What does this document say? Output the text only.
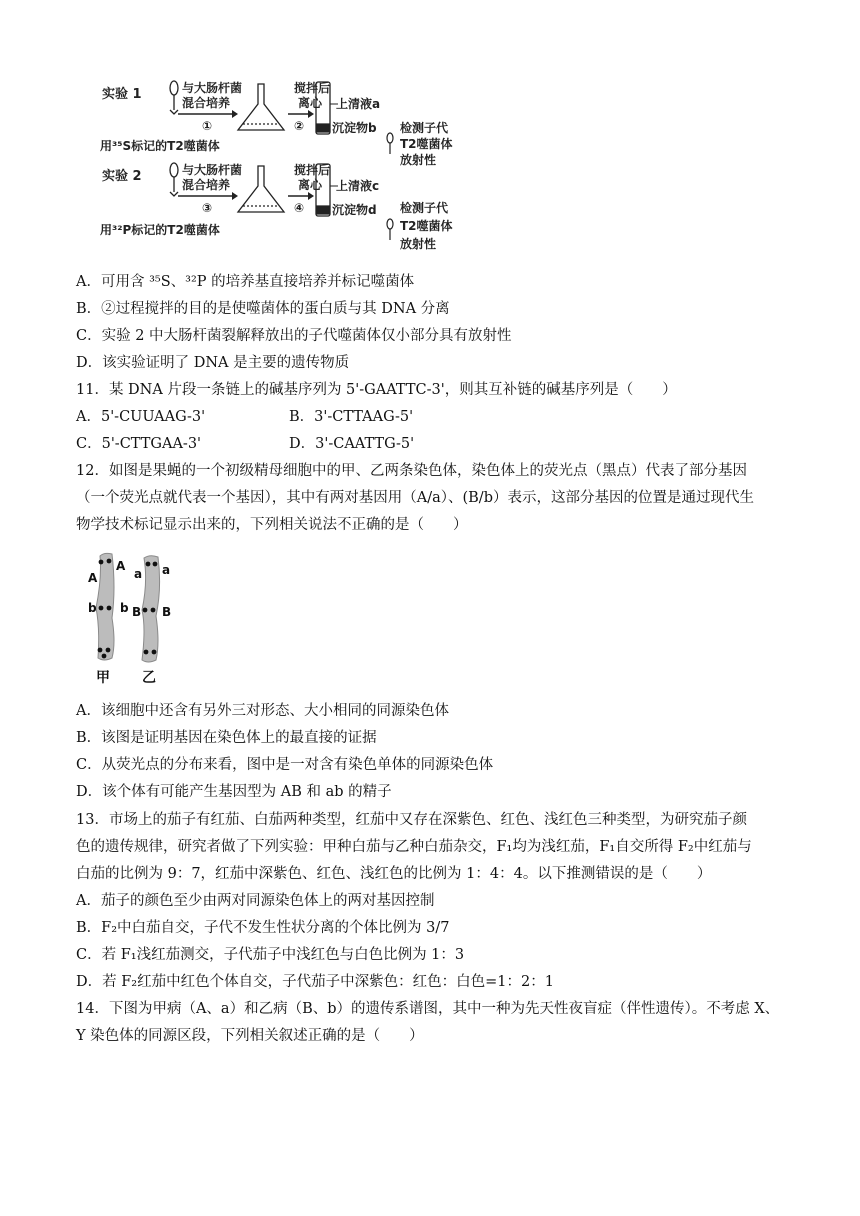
实验 1	与大肠杆菌
混合培养
①
搅拌后
离心
②
上清液a
沉淀物b 检测子代
T2噬菌体
放射性
用³⁵S标记的T2噬菌体
实验 2	与大肠杆菌
混合培养
③
搅拌后
离心
④
上清液c
沉淀物d 检测子代
T2噬菌体
放射性
用³²P标记的T2噬菌体
A．可用含 ³⁵S、³²P 的培养基直接培养并标记噬菌体
B．②过程搅拌的目的是使噬菌体的蛋白质与其 DNA 分离
C．实验 2 中大肠杆菌裂解释放出的子代噬菌体仅小部分具有放射性
D．该实验证明了 DNA 是主要的遗传物质
11．某 DNA 片段一条链上的碱基序列为 5'-GAATTC-3'，则其互补链的碱基序列是（　　）
A．5'-CUUAAG-3'	B．3'-CTTAAG-5'
C．5'-CTTGAA-3'	D．3'-CAATTG-5'
12．如图是果蝇的一个初级精母细胞中的甲、乙两条染色体，染色体上的荧光点（黑点）代表了部分基因
（一个荧光点就代表一个基因），其中有两对基因用（A/a）、(B/b）表示，这部分基因的位置是通过现代生
物学技术标记显示出来的，下列相关说法不正确的是（　　）
A
A
a a
b b B B
甲 乙
A．该细胞中还含有另外三对形态、大小相同的同源染色体
B．该图是证明基因在染色体上的最直接的证据
C．从荧光点的分布来看，图中是一对含有染色单体的同源染色体
D．该个体有可能产生基因型为 AB 和 ab 的精子
13．市场上的茄子有红茄、白茄两种类型，红茄中又存在深紫色、红色、浅红色三种类型，为研究茄子颜
色的遗传规律，研究者做了下列实验：甲种白茄与乙种白茄杂交，F₁均为浅红茄，F₁自交所得 F₂中红茄与
白茄的比例为 9：7，红茄中深紫色、红色、浅红色的比例为 1：4：4。以下推测错误的是（　　）
A．茄子的颜色至少由两对同源染色体上的两对基因控制
B．F₂中白茄自交，子代不发生性状分离的个体比例为 3/7
C．若 F₁浅红茄测交，子代茄子中浅红色与白色比例为 1：3
D．若 F₂红茄中红色个体自交，子代茄子中深紫色：红色：白色=1：2：1
14．下图为甲病（A、a）和乙病（B、b）的遗传系谱图，其中一种为先天性夜盲症（伴性遗传）。不考虑 X、
Y 染色体的同源区段，下列相关叙述正确的是（　　）
